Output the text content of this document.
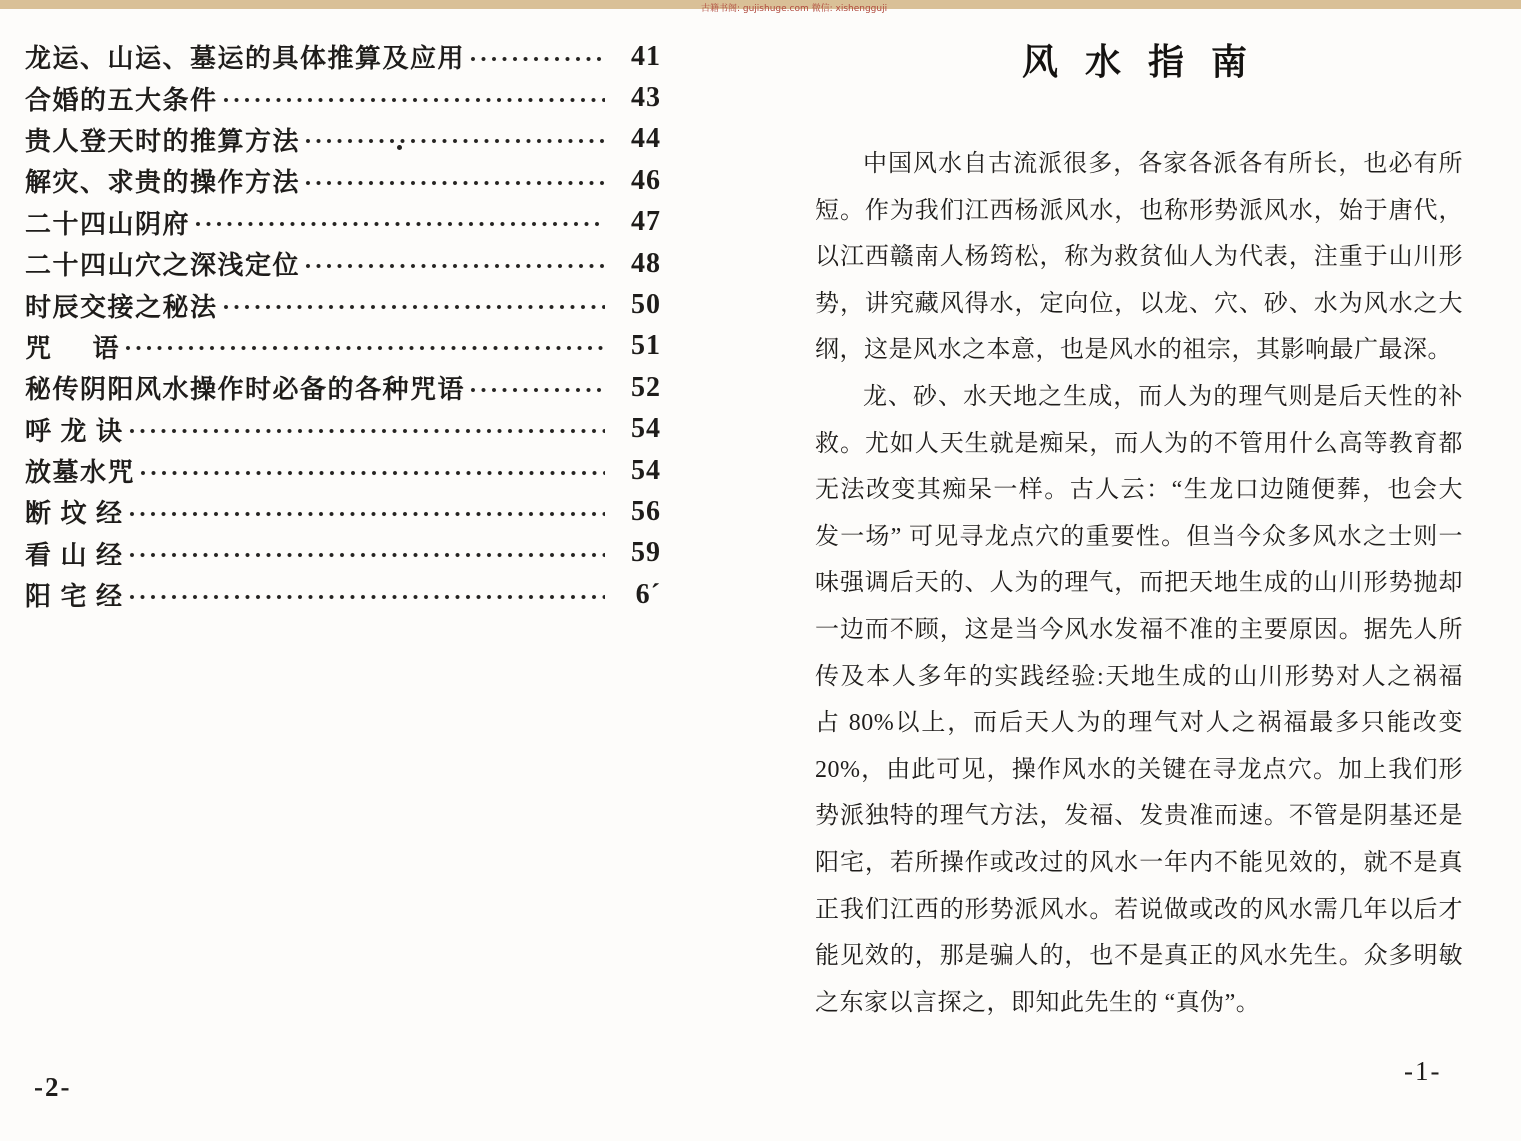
古籍书阁: gujishuge.com 微信: xishengguji
龙运、山运、墓运的具体推算及应用	41
合婚的五大条件	43
贵人登天时的推算方法	44
解灾、求贵的操作方法	46
二十四山阴府	47
二十四山穴之深浅定位	48
时辰交接之秘法	50
咒     语	51
秘传阴阳风水操作时必备的各种咒语	52
呼 龙 诀	54
放墓水咒	54
断 坟 经	56
看 山 经	59
阳 宅 经	6´
-2-
风 水 指 南
中国风水自古流派很多，各家各派各有所长，也必有所
短。作为我们江西杨派风水，也称形势派风水，始于唐代，
以江西赣南人杨筠松，称为救贫仙人为代表，注重于山川形
势，讲究藏风得水，定向位，以龙、穴、砂、水为风水之大
纲，这是风水之本意，也是风水的祖宗，其影响最广最深。
龙、砂、水天地之生成，而人为的理气则是后天性的补
救。尤如人天生就是痴呆，而人为的不管用什么高等教育都
无法改变其痴呆一样。古人云：“生龙口边随便葬，也会大
发一场” 可见寻龙点穴的重要性。但当今众多风水之士则一
味强调后天的、人为的理气，而把天地生成的山川形势抛却
一边而不顾，这是当今风水发福不准的主要原因。据先人所
传及本人多年的实践经验:天地生成的山川形势对人之祸福
占 80%以上，而后天人为的理气对人之祸福最多只能改变
20%，由此可见，操作风水的关键在寻龙点穴。加上我们形
势派独特的理气方法，发福、发贵准而速。不管是阴基还是
阳宅，若所操作或改过的风水一年内不能见效的，就不是真
正我们江西的形势派风水。若说做或改的风水需几年以后才
能见效的，那是骗人的，也不是真正的风水先生。众多明敏
之东家以言探之，即知此先生的 “真伪”。
-1-
